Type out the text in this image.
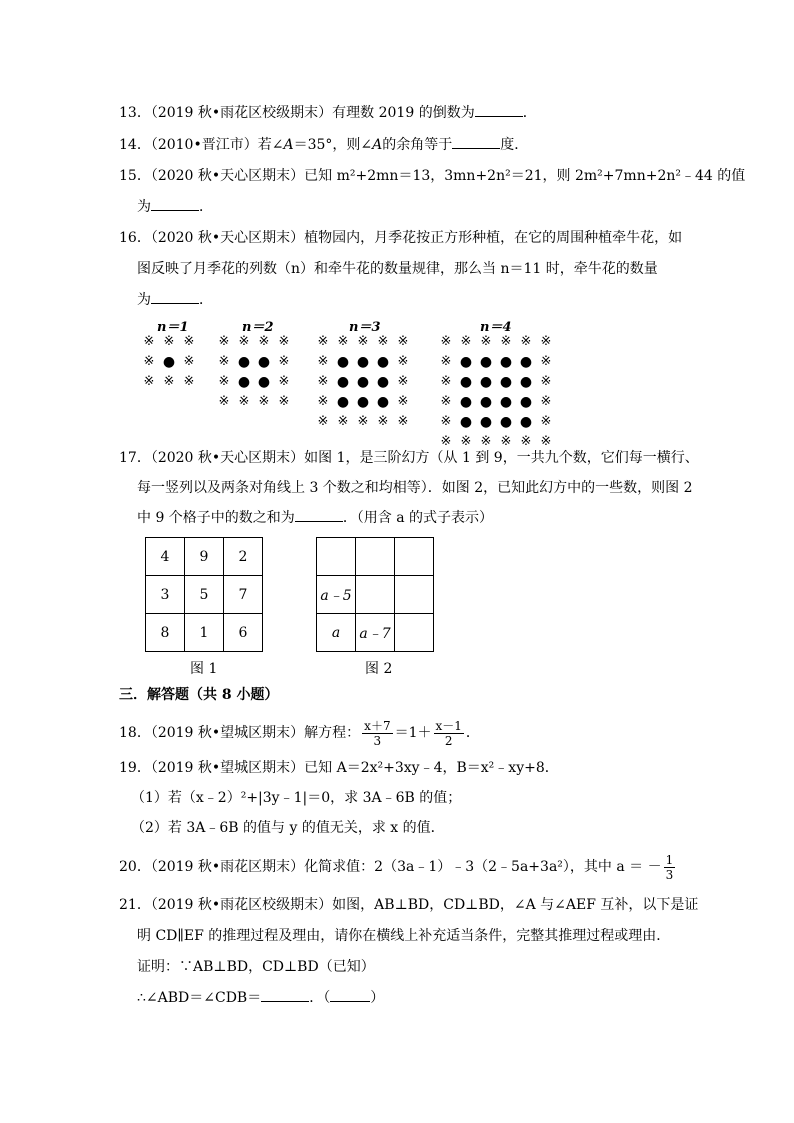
13．（2019 秋•雨花区校级期末）有理数 2019 的倒数为	．
14．（2010•晋江市）若∠A＝35°，则∠A的余角等于	度．
15．（2020 秋•天心区期末）已知 m²+2mn＝13，3mn+2n²＝21，则 2m²+7mn+2n²﹣44 的值
为	．
16．（2020 秋•天心区期末）植物园内，月季花按正方形种植，在它的周围种植牵牛花，如
图反映了月季花的列数（n）和牵牛花的数量规律，那么当 n＝11 时，牵牛花的数量
为	．
n＝1
※ ※ ※
※ ● ※
※ ※ ※
n＝2
※ ※ ※ ※
※ ● ● ※
※ ● ● ※
※ ※ ※ ※
n＝3
※ ※ ※ ※ ※
※ ● ● ● ※
※ ● ● ● ※
※ ● ● ● ※
※ ※ ※ ※ ※
n＝4
※ ※ ※ ※ ※ ※
※ ● ● ● ● ※
※ ● ● ● ● ※
※ ● ● ● ● ※
※ ● ● ● ● ※
※ ※ ※ ※ ※ ※
17．（2020 秋•天心区期末）如图 1，是三阶幻方（从 1 到 9，一共九个数，它们每一横行、
每一竖列以及两条对角线上 3 个数之和均相等）．如图 2，已知此幻方中的一些数，则图 2
中 9 个格子中的数之和为	．（用含 a 的式子表示）
4	9	2
3	5	7
8	1	6
图 1

a﹣5		
a	a﹣7	
图 2
三．解答题（共 8 小题）
18．（2019 秋•望城区期末）解方程： $\frac{x+7}{3} =1+ \frac{x-1}{2}$ ．
19．（2019 秋•望城区期末）已知 A＝2x²+3xy﹣4，B＝x²﹣xy+8．
（1）若（x﹣2）²+|3y﹣1|＝0，求 3A﹣6B 的值；
（2）若 3A﹣6B 的值与 y 的值无关，求 x 的值．
20．（2019 秋•雨花区期末）化简求值：2（3a﹣1）﹣3（2﹣5a+3a²），其中 a ＝ － $\frac{1}{3}$
21．（2019 秋•雨花区校级期末）如图，AB⊥BD，CD⊥BD，∠A 与∠AEF 互补，以下是证
明 CD∥EF 的推理过程及理由，请你在横线上补充适当条件，完整其推理过程或理由．
证明：∵AB⊥BD，CD⊥BD（已知）
∴∠ABD＝∠CDB＝	．（	）
